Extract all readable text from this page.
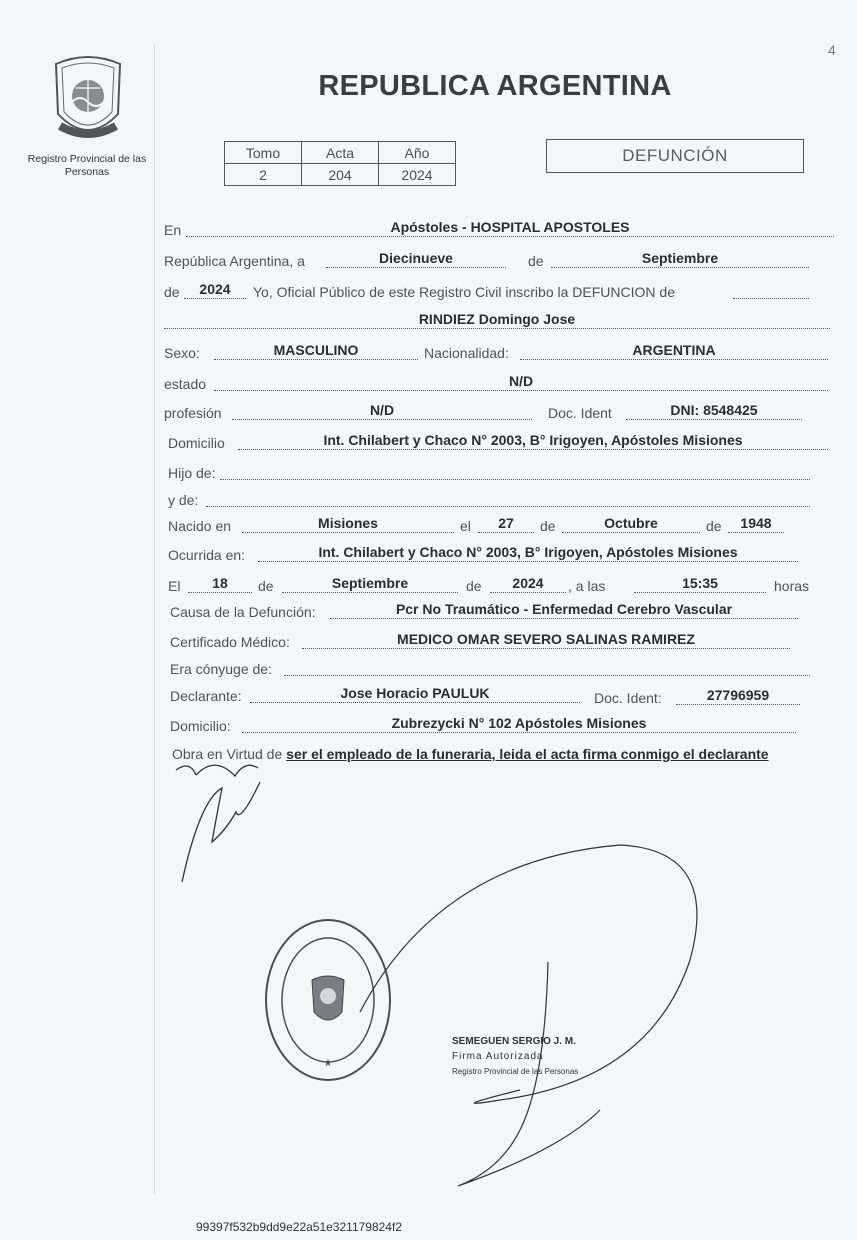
4
Registro Provincial de las Personas
REPUBLICA ARGENTINA
Tomo	Acta	Año
2	204	2024
DEFUNCIÓN
En	Apóstoles - HOSPITAL APOSTOLES
República Argentina, a	Diecinueve	de	Septiembre
de	2024	Yo, Oficial Público de este Registro Civil inscribo la DEFUNCION de
RINDIEZ Domingo Jose
Sexo:	MASCULINO	Nacionalidad:	ARGENTINA
estado	N/D
profesión	N/D	Doc. Ident	DNI: 8548425
Domicilio	Int. Chilabert y Chaco N° 2003, B° Irigoyen, Apóstoles Misiones
Hijo de:
y de:
Nacido en	Misiones	el	27	de	Octubre	de	1948
Ocurrida en:	Int. Chilabert y Chaco N° 2003, B° Irigoyen, Apóstoles Misiones
El	18	de	Septiembre	de	2024	, a las	15:35	horas
Causa de la Defunción:	Pcr No Traumático - Enfermedad Cerebro Vascular
Certificado Médico:	MEDICO OMAR SEVERO SALINAS RAMIREZ
Era cónyuge de:
Declarante:	Jose Horacio PAULUK	Doc. Ident:	27796959
Domicilio:	Zubrezycki N° 102 Apóstoles Misiones
Obra en Virtud de ser el empleado de la funeraria, leida el acta firma conmigo el declarante
★
SEMEGUEN SERGIO J. M.
Firma Autorizada
Registro Provincial de las Personas
99397f532b9dd9e22a51e321179824f2
